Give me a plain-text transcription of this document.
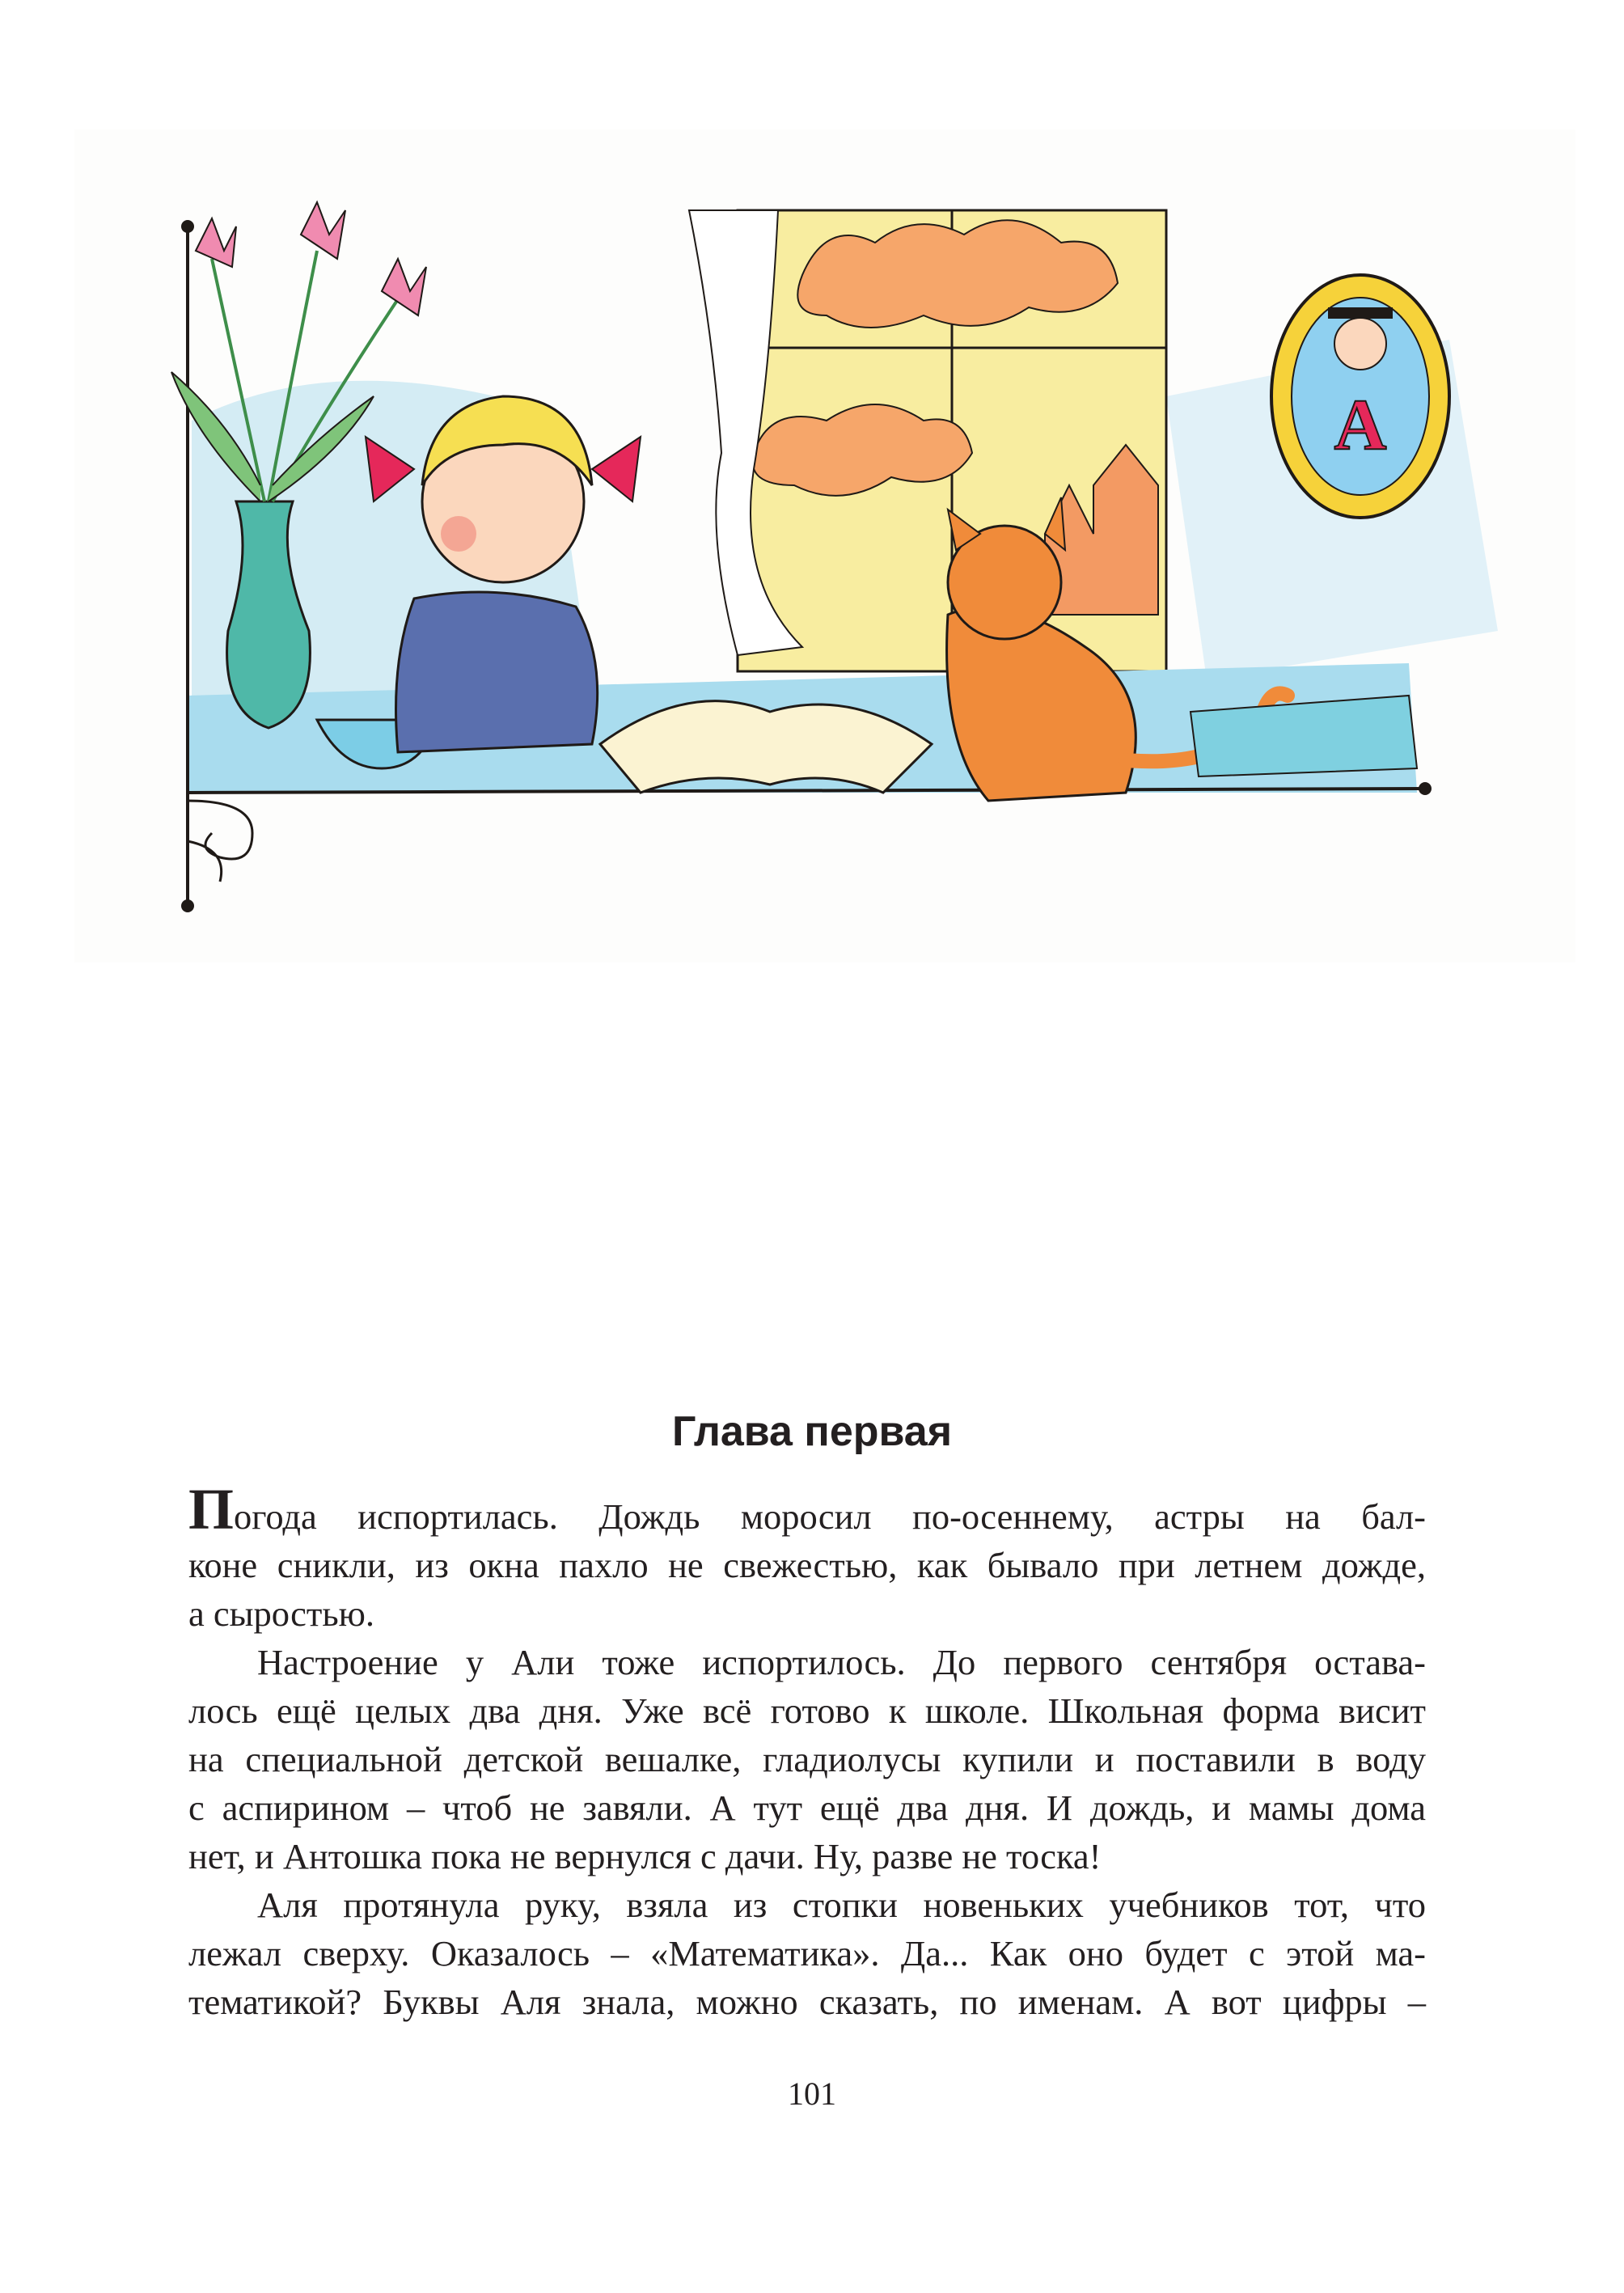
А
Глава первая
Погода испортилась. Дождь моросил по-осеннему, астры на бал-
коне сникли, из окна пахло не свежестью, как бывало при летнем дожде,
а сыростью.
Настроение у Али тоже испортилось. До первого сентября остава-
лось ещё целых два дня. Уже всё готово к школе. Школьная форма висит
на специальной детской вешалке, гладиолусы купили и поставили в воду
с аспирином – чтоб не завяли. А тут ещё два дня. И дождь, и мамы дома
нет, и Антошка пока не вернулся с дачи. Ну, разве не тоска!
Аля протянула руку, взяла из стопки новеньких учебников тот, что
лежал сверху. Оказалось – «Математика». Да... Как оно будет с этой ма-
тематикой? Буквы Аля знала, можно сказать, по именам. А вот цифры –
101
